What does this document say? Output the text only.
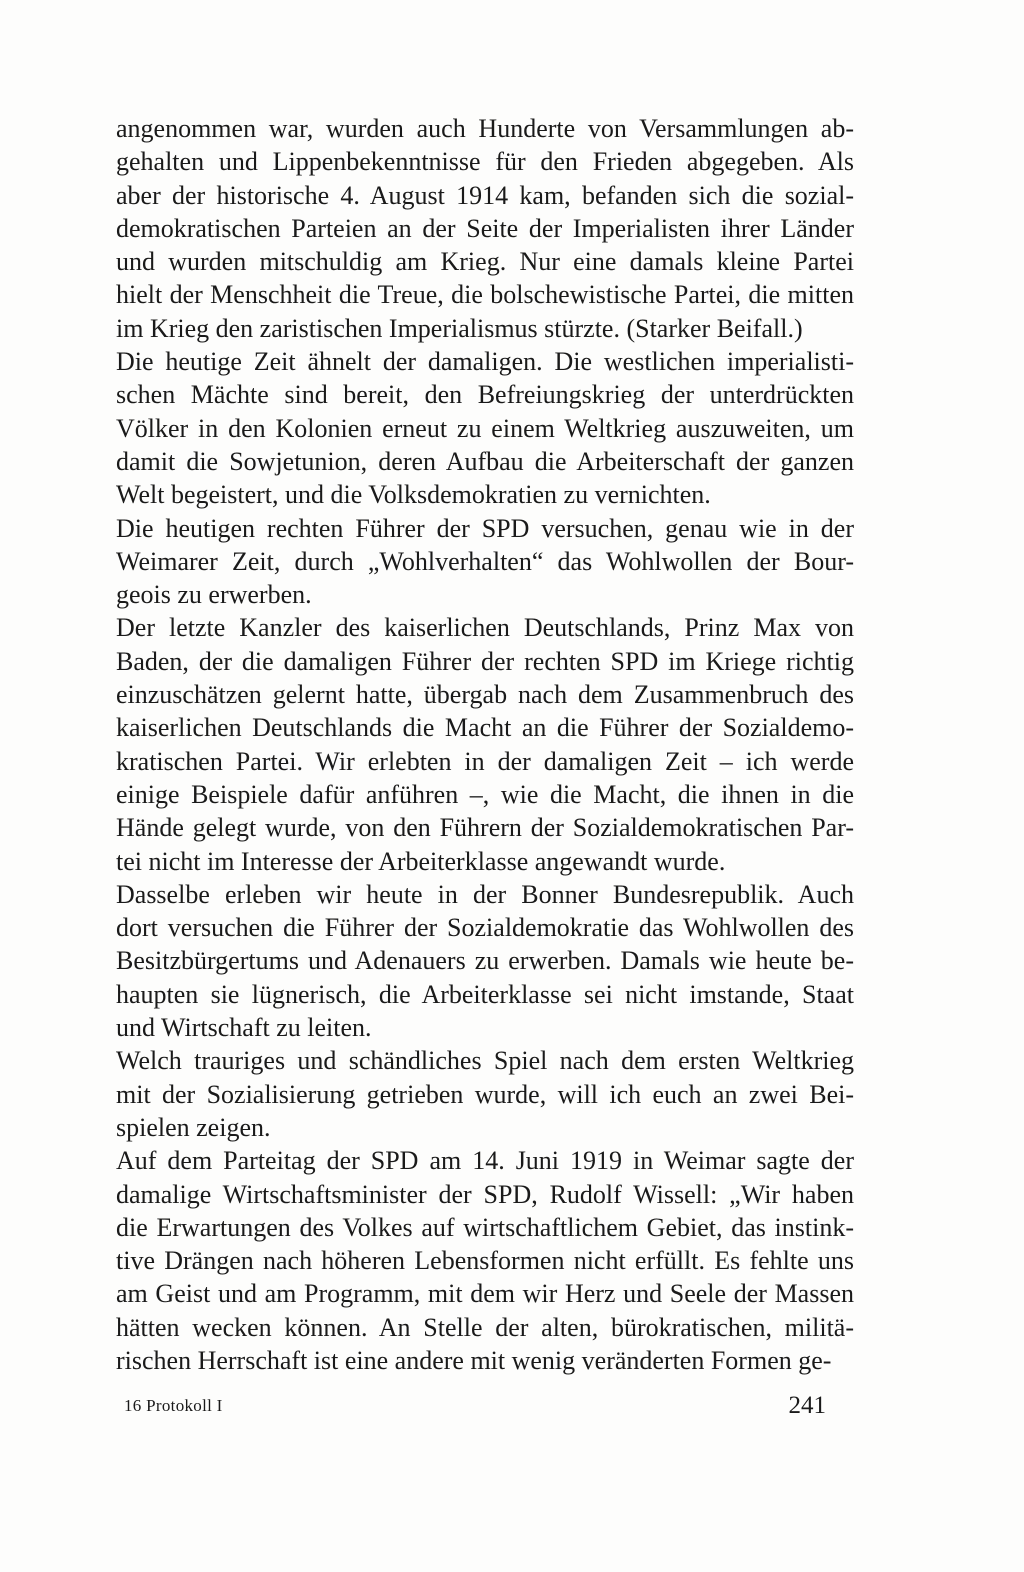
angenommen war, wurden auch Hunderte von Versammlungen ab-
gehalten und Lippenbekenntnisse für den Frieden abgegeben. Als
aber der historische 4. August 1914 kam, befanden sich die sozial-
demokratischen Parteien an der Seite der Imperialisten ihrer Länder
und wurden mitschuldig am Krieg. Nur eine damals kleine Partei
hielt der Menschheit die Treue, die bolschewistische Partei, die mitten
im Krieg den zaristischen Imperialismus stürzte. (Starker Beifall.)
Die heutige Zeit ähnelt der damaligen. Die westlichen imperialisti-
schen Mächte sind bereit, den Befreiungskrieg der unterdrückten
Völker in den Kolonien erneut zu einem Weltkrieg auszuweiten, um
damit die Sowjetunion, deren Aufbau die Arbeiterschaft der ganzen
Welt begeistert, und die Volksdemokratien zu vernichten.
Die heutigen rechten Führer der SPD versuchen, genau wie in der
Weimarer Zeit, durch „Wohlverhalten“ das Wohlwollen der Bour-
geois zu erwerben.
Der letzte Kanzler des kaiserlichen Deutschlands, Prinz Max von
Baden, der die damaligen Führer der rechten SPD im Kriege richtig
einzuschätzen gelernt hatte, übergab nach dem Zusammenbruch des
kaiserlichen Deutschlands die Macht an die Führer der Sozialdemo-
kratischen Partei. Wir erlebten in der damaligen Zeit – ich werde
einige Beispiele dafür anführen –, wie die Macht, die ihnen in die
Hände gelegt wurde, von den Führern der Sozialdemokratischen Par-
tei nicht im Interesse der Arbeiterklasse angewandt wurde.
Dasselbe erleben wir heute in der Bonner Bundesrepublik. Auch
dort versuchen die Führer der Sozialdemokratie das Wohlwollen des
Besitzbürgertums und Adenauers zu erwerben. Damals wie heute be-
haupten sie lügnerisch, die Arbeiterklasse sei nicht imstande, Staat
und Wirtschaft zu leiten.
Welch trauriges und schändliches Spiel nach dem ersten Weltkrieg
mit der Sozialisierung getrieben wurde, will ich euch an zwei Bei-
spielen zeigen.
Auf dem Parteitag der SPD am 14. Juni 1919 in Weimar sagte der
damalige Wirtschaftsminister der SPD, Rudolf Wissell: „Wir haben
die Erwartungen des Volkes auf wirtschaftlichem Gebiet, das instink-
tive Drängen nach höheren Lebensformen nicht erfüllt. Es fehlte uns
am Geist und am Programm, mit dem wir Herz und Seele der Massen
hätten wecken können. An Stelle der alten, bürokratischen, militä-
rischen Herrschaft ist eine andere mit wenig veränderten Formen ge-
16 Protokoll I	241
